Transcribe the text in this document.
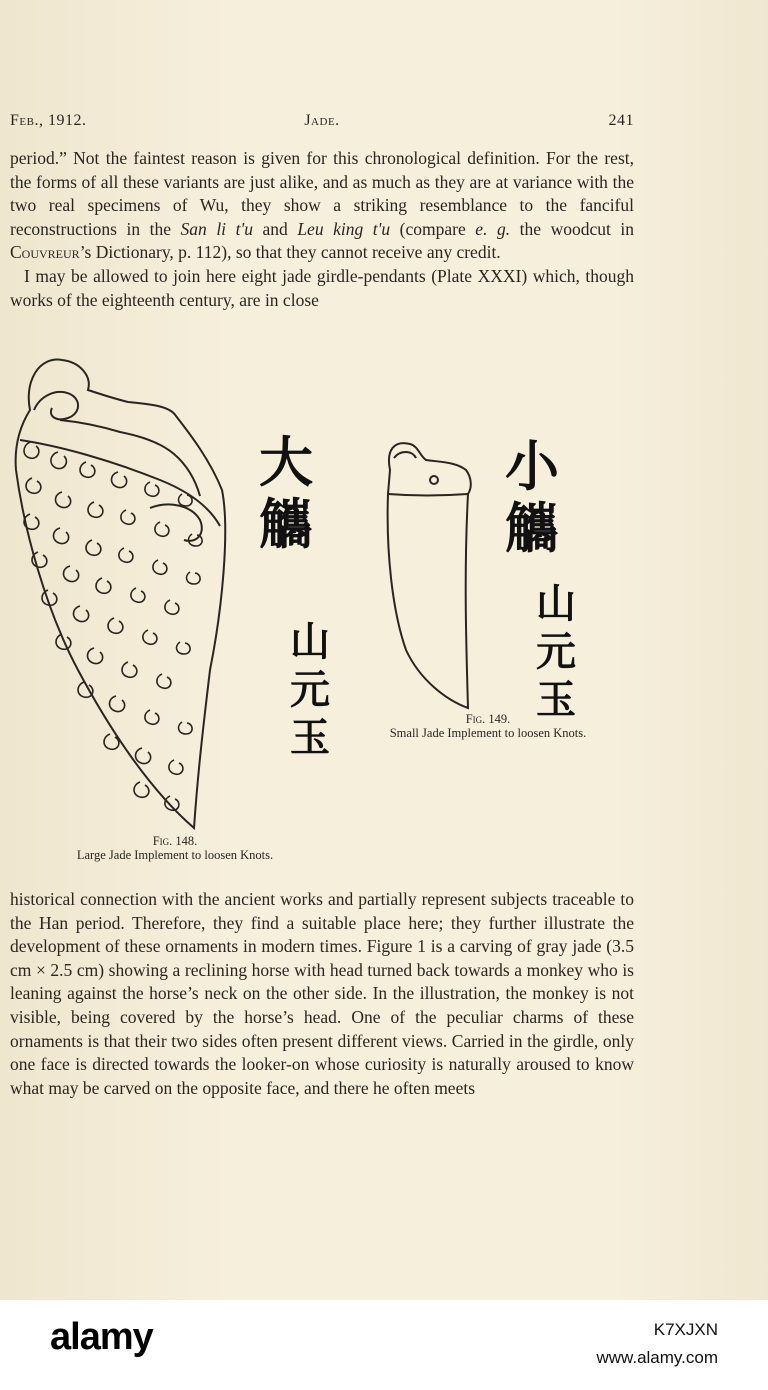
Feb., 1912.	Jade.	241

period.” Not the faintest reason is given for this chronological definition. For the rest, the forms of all these variants are just alike, and as much as they are at variance with the two real specimens of Wu, they show a striking resemblance to the fanciful reconstructions in the San li t'u and Leu king t'u (compare e. g. the woodcut in Couvreur’s Dictionary, p. 112), so that they cannot receive any credit.

I may be allowed to join here eight jade girdle-pendants (Plate XXXI) which, though works of the eighteenth century, are in close

大觿
山元玉
小觿
山元玉
Fig. 149.
Small Jade Implement to loosen Knots.
Fig. 148.
Large Jade Implement to loosen Knots.

historical connection with the ancient works and partially represent subjects traceable to the Han period. Therefore, they find a suitable place here; they further illustrate the development of these ornaments in modern times. Figure 1 is a carving of gray jade (3.5 cm × 2.5 cm) showing a reclining horse with head turned back towards a monkey who is leaning against the horse’s neck on the other side. In the illustration, the monkey is not visible, being covered by the horse’s head. One of the peculiar charms of these ornaments is that their two sides often present different views. Carried in the girdle, only one face is directed towards the looker-on whose curiosity is naturally aroused to know what may be carved on the opposite face, and there he often meets

alamy	K7XJXN
www.alamy.com
